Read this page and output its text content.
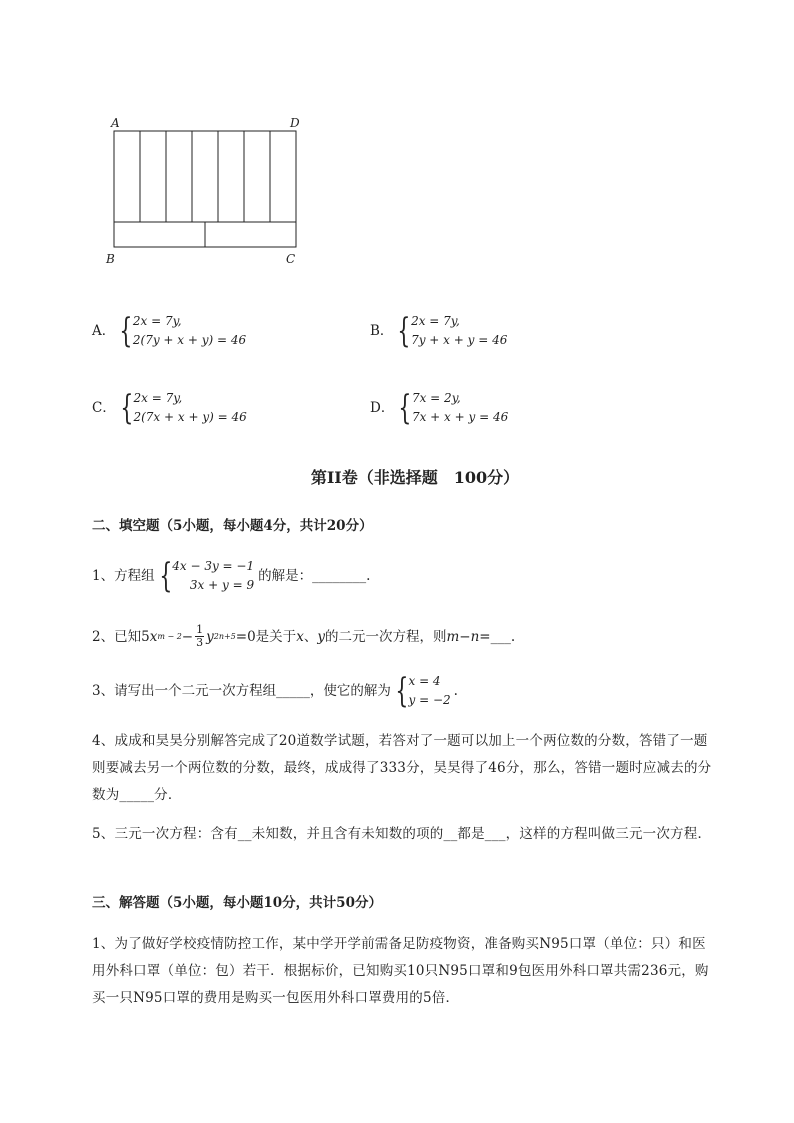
A	D
B	C
A． { 2x = 7y,
2(7y + x + y) = 46
B． { 2x = 7y,
7y + x + y = 46
C． { 2x = 7y,
2(7x + x + y) = 46
D． { 7x = 2y,
7x + x + y = 46
第II卷（非选择题　100分）
二、填空题（5小题，每小题4分，共计20分）
1、方程组 { 4x − 3y = −1
3x + y = 9
的解是：________.
2、已知5 x $m - 2 - \frac{1}{3}$ y 2n+5 =0是关于 x 、 y 的二元一次方程，则 m − n =___.
3、请写出一个二元一次方程组_____，使它的解为 { x = 4
y = −2
.
4、成成和昊昊分别解答完成了20道数学试题，若答对了一题可以加上一个两位数的分数，答错了一题则要减去另一个两位数的分数，最终，成成得了333分，昊昊得了46分，那么，答错一题时应减去的分数为_____分．
5、三元一次方程：含有__未知数，并且含有未知数的项的__都是___，这样的方程叫做三元一次方程．
三、解答题（5小题，每小题10分，共计50分）
1、为了做好学校疫情防控工作，某中学开学前需备足防疫物资，准备购买N95口罩（单位：只）和医用外科口罩（单位：包）若干．根据标价，已知购买10只N95口罩和9包医用外科口罩共需236元，购买一只N95口罩的费用是购买一包医用外科口罩费用的5倍．
